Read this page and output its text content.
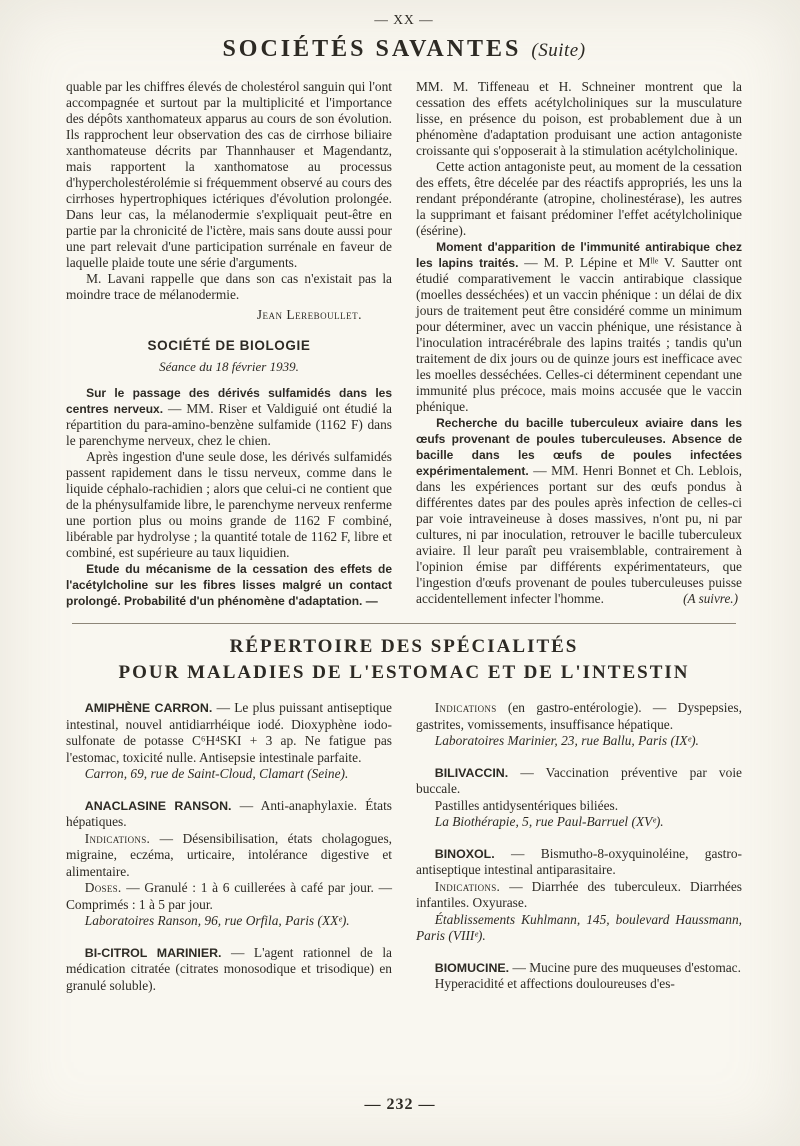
— XX —
SOCIÉTÉS SAVANTES (Suite)

quable par les chiffres élevés de cholestérol sanguin qui l'ont accompagnée et surtout par la multiplicité et l'importance des dépôts xanthomateux apparus au cours de son évolution. Ils rapprochent leur observation des cas de cirrhose biliaire xanthomateuse décrits par Thannhauser et Magendantz, mais rapportent la xanthomatose au processus d'hypercholestérolémie si fréquemment observé au cours des cirrhoses hypertrophiques ictériques d'évolution prolongée. Dans leur cas, la mélanodermie s'expliquait peut-être en partie par la chronicité de l'ictère, mais sans doute aussi pour une part relevait d'une participation surrénale en faveur de laquelle plaide toute une série d'arguments.

M. Lavani rappelle que dans son cas n'existait pas la moindre trace de mélanodermie.

Jean Lereboullet.

SOCIÉTÉ DE BIOLOGIE

Séance du 18 février 1939.

Sur le passage des dérivés sulfamidés dans les centres nerveux. — MM. Riser et Valdiguié ont étudié la répartition du para-amino-benzène sulfamide (1162 F) dans le parenchyme nerveux, chez le chien.

Après ingestion d'une seule dose, les dérivés sulfamidés passent rapidement dans le tissu nerveux, comme dans le liquide céphalo-rachidien ; alors que celui-ci ne contient que de la phénysulfamide libre, le parenchyme nerveux renferme une portion plus ou moins grande de 1162 F combiné, libérable par hydrolyse ; la quantité totale de 1162 F, libre et combiné, est supérieure au taux liquidien.

Etude du mécanisme de la cessation des effets de l'acétylcholine sur les fibres lisses malgré un contact prolongé. Probabilité d'un phénomène d'adaptation. —

MM. M. Tiffeneau et H. Schneiner montrent que la cessation des effets acétylcholiniques sur la musculature lisse, en présence du poison, est probablement due à un phénomène d'adaptation produisant une action antagoniste croissante qui s'opposerait à la stimulation acétylcholinique.

Cette action antagoniste peut, au moment de la cessation des effets, être décelée par des réactifs appropriés, les uns la rendant prépondérante (atropine, cholinestérase), les autres la supprimant et faisant prédominer l'effet acétylcholinique (ésérine).

Moment d'apparition de l'immunité antirabique chez les lapins traités. — M. P. Lépine et Mˡˡᵉ V. Sautter ont étudié comparativement le vaccin antirabique classique (moelles desséchées) et un vaccin phénique : un délai de dix jours de traitement peut être considéré comme un minimum pour déterminer, avec un vaccin phénique, une résistance à l'inoculation intracérébrale des lapins traités ; tandis qu'un traitement de dix jours ou de quinze jours est inefficace avec les moelles desséchées. Celles-ci déterminent cependant une immunité plus précoce, mais moins accusée que le vaccin phénique.

Recherche du bacille tuberculeux aviaire dans les œufs provenant de poules tuberculeuses. Absence de bacille dans les œufs de poules infectées expérimentalement. — MM. Henri Bonnet et Ch. Leblois, dans les expériences portant sur des œufs pondus à différentes dates par des poules après infection de celles-ci par voie intraveineuse à doses massives, n'ont pu, ni par cultures, ni par inoculation, retrouver le bacille tuberculeux aviaire. Il leur paraît peu vraisemblable, contrairement à l'opinion émise par différents expérimentateurs, que l'ingestion d'œufs provenant de poules tuberculeuses puisse accidentellement infecter l'homme.	(A suivre.)

RÉPERTOIRE DES SPÉCIALITÉS
POUR MALADIES DE L'ESTOMAC ET DE L'INTESTIN

AMIPHÈNE CARRON. — Le plus puissant antiseptique intestinal, nouvel antidiarrhéique iodé. Dioxyphène iodo-sulfonate de potasse C⁶H⁴SKI + 3 ap. Ne fatigue pas l'estomac, toxicité nulle. Antisepsie intestinale parfaite.

Carron, 69, rue de Saint-Cloud, Clamart (Seine).

ANACLASINE RANSON. — Anti-anaphylaxie. États hépatiques.

Indications. — Désensibilisation, états cholagogues, migraine, eczéma, urticaire, intolérance digestive et alimentaire.

Doses. — Granulé : 1 à 6 cuillerées à café par jour. — Comprimés : 1 à 5 par jour.

Laboratoires Ranson, 96, rue Orfila, Paris (XXᵉ).

BI-CITROL MARINIER. — L'agent rationnel de la médication citratée (citrates monosodique et trisodique) en granulé soluble).

Indications (en gastro-entérologie). — Dyspepsies, gastrites, vomissements, insuffisance hépatique.

Laboratoires Marinier, 23, rue Ballu, Paris (IXᵉ).

BILIVACCIN. — Vaccination préventive par voie buccale.

Pastilles antidysentériques biliées.

La Biothérapie, 5, rue Paul-Barruel (XVᵉ).

BINOXOL. — Bismutho-8-oxyquinoléine, gastro-antiseptique intestinal antiparasitaire.

Indications. — Diarrhée des tuberculeux. Diarrhées infantiles. Oxyurase.

Établissements Kuhlmann, 145, boulevard Haussmann, Paris (VIIIᵉ).

BIOMUCINE. — Mucine pure des muqueuses d'estomac.

Hyperacidité et affections douloureuses d'es-

— 232 —
